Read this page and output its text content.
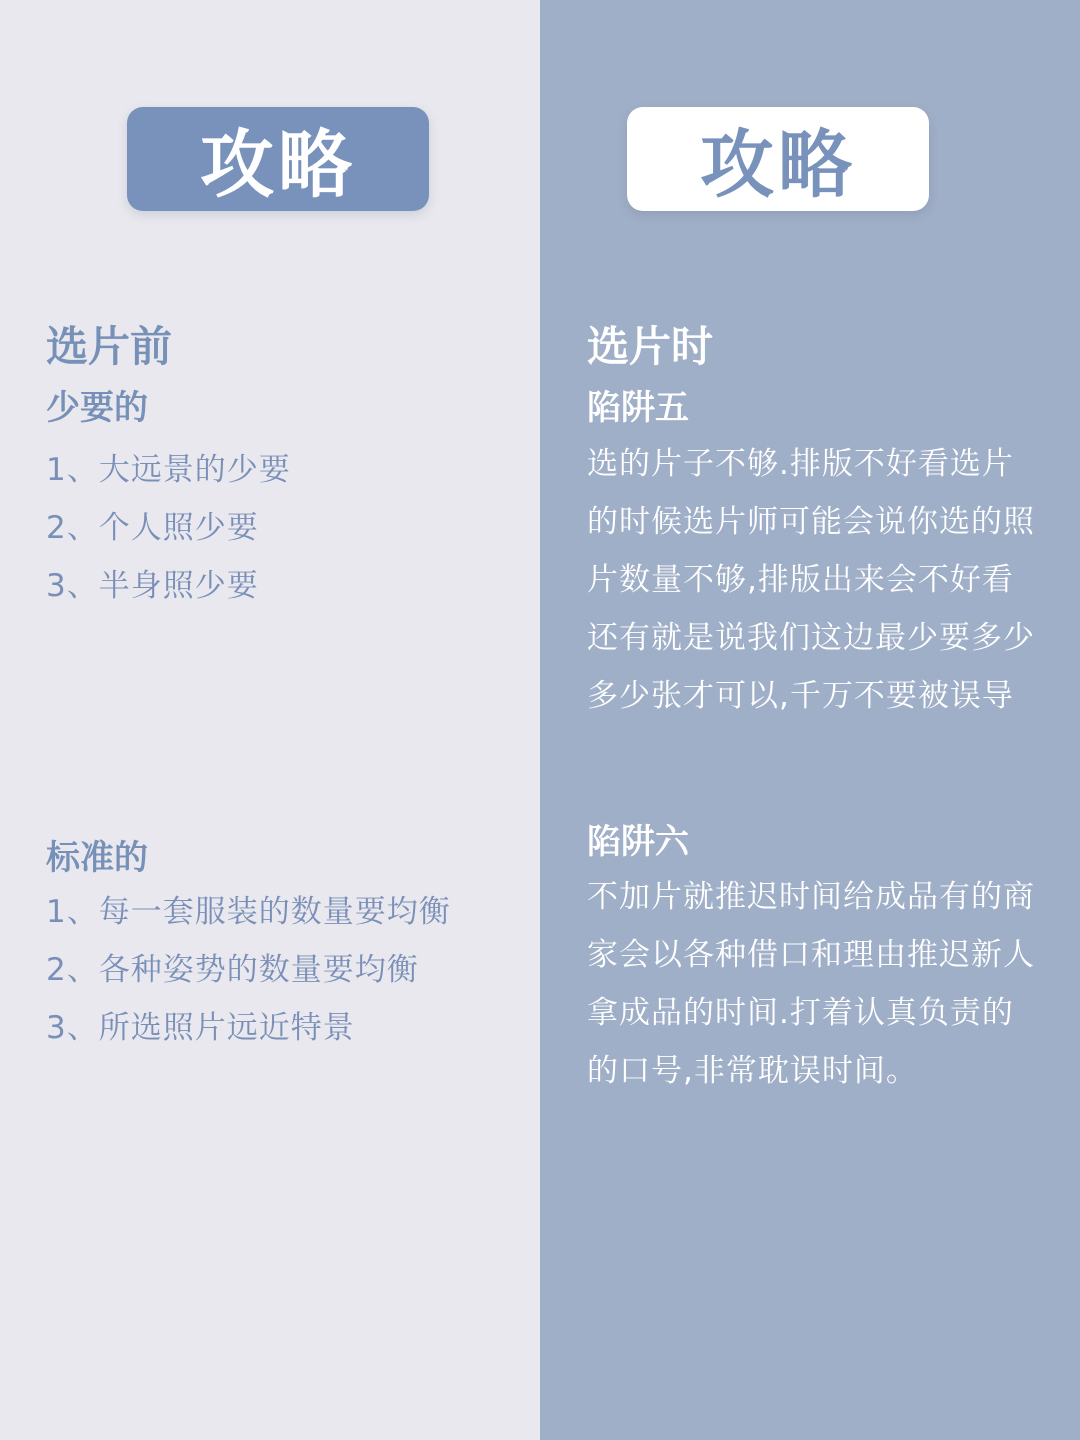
攻略
选片前
少要的
1、大远景的少要
2、个人照少要
3、半身照少要
标准的
1、每一套服装的数量要均衡
2、各种姿势的数量要均衡
3、所选照片远近特景
攻略
选片时
陷阱五
选的片子不够.排版不好看选片的时候选片师可能会说你选的照片数量不够,排版出来会不好看还有就是说我们这边最少要多少多少张才可以,千万不要被误导
陷阱六
不加片就推迟时间给成品有的商家会以各种借口和理由推迟新人拿成品的时间.打着认真负责的的口号,非常耽误时间。
